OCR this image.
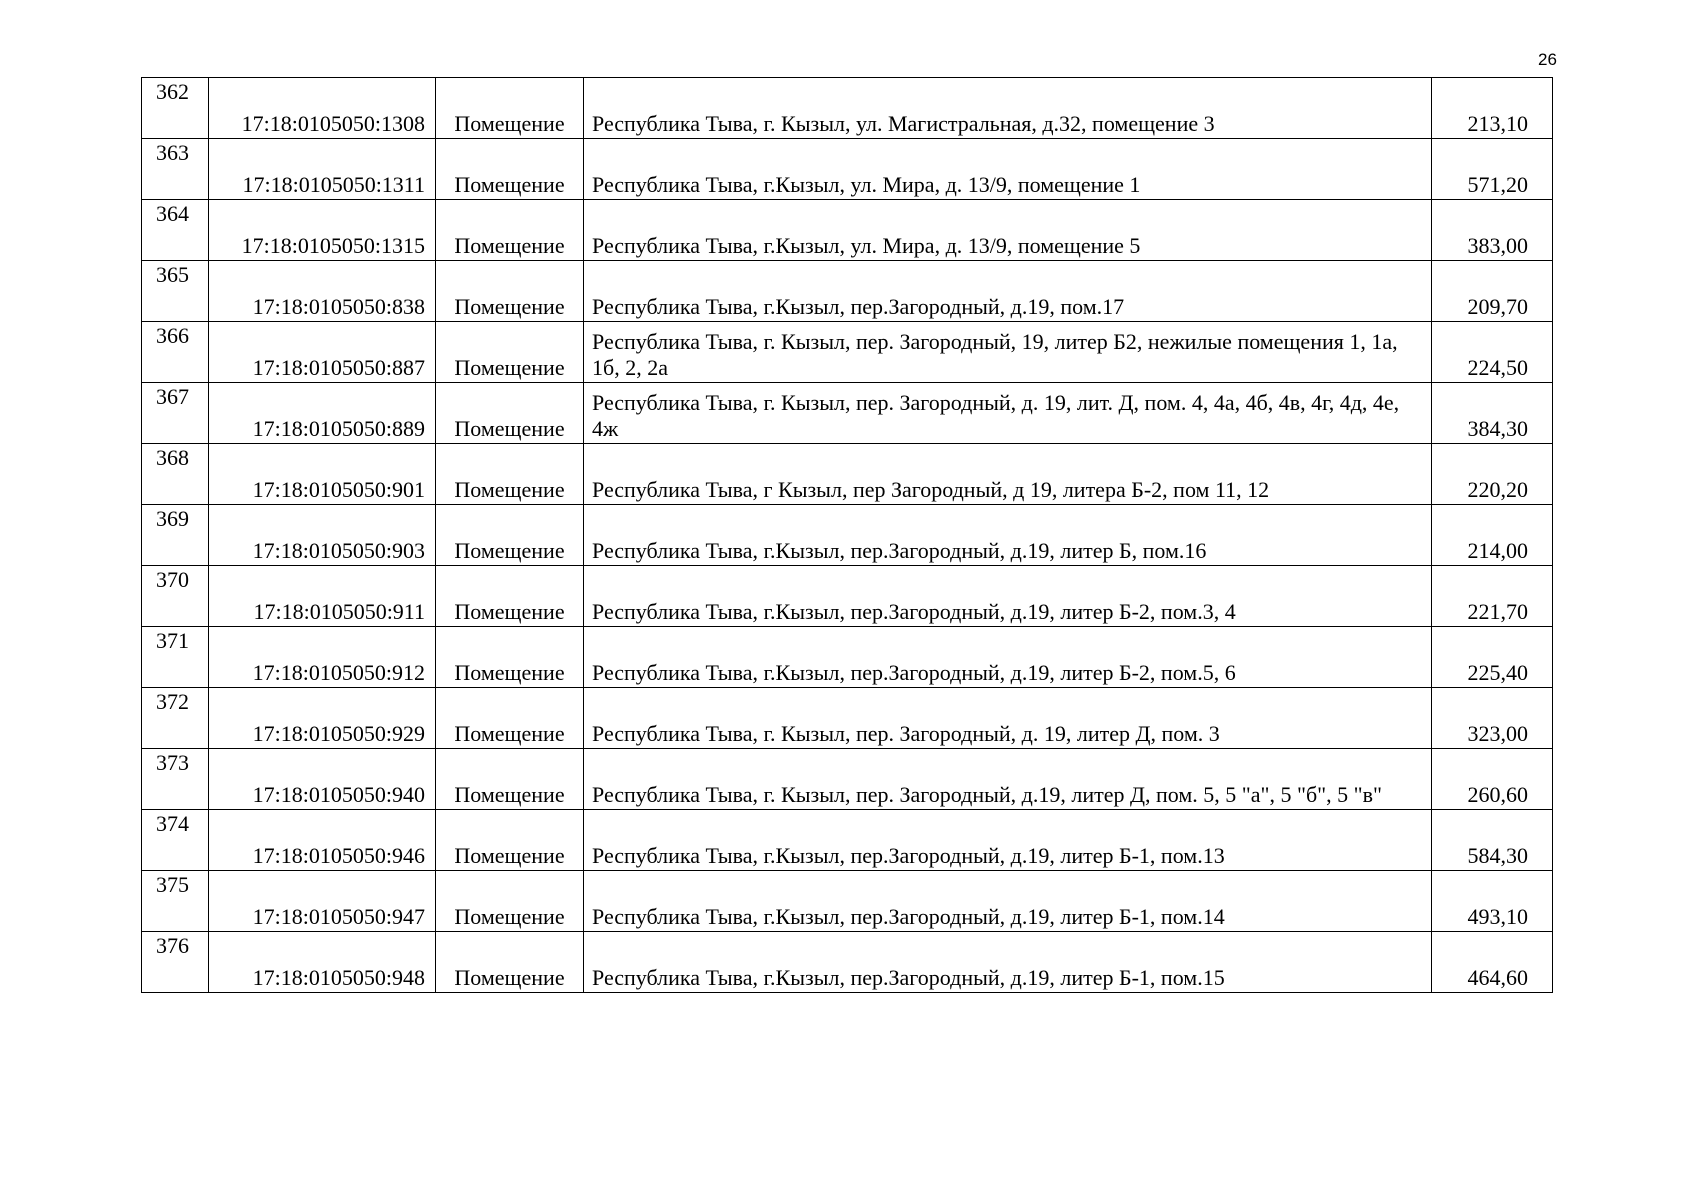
26
362	17:18:0105050:1308	Помещение	Республика Тыва, г. Кызыл, ул. Магистральная, д.32, помещение 3	213,10
363	17:18:0105050:1311	Помещение	Республика Тыва, г.Кызыл, ул. Мира, д. 13/9, помещение 1	571,20
364	17:18:0105050:1315	Помещение	Республика Тыва, г.Кызыл, ул. Мира, д. 13/9, помещение 5	383,00
365	17:18:0105050:838	Помещение	Республика Тыва, г.Кызыл, пер.Загородный, д.19, пом.17	209,70
366	17:18:0105050:887	Помещение	Республика Тыва, г. Кызыл, пер. Загородный, 19, литер Б2, нежилые помещения 1, 1а, 1б, 2, 2а	224,50
367	17:18:0105050:889	Помещение	Республика Тыва, г. Кызыл, пер. Загородный, д. 19, лит. Д, пом. 4, 4а, 4б, 4в, 4г, 4д, 4е, 4ж	384,30
368	17:18:0105050:901	Помещение	Республика Тыва, г Кызыл, пер Загородный, д 19, литера Б-2, пом 11, 12	220,20
369	17:18:0105050:903	Помещение	Республика Тыва, г.Кызыл, пер.Загородный, д.19, литер Б, пом.16	214,00
370	17:18:0105050:911	Помещение	Республика Тыва, г.Кызыл, пер.Загородный, д.19, литер Б-2, пом.3, 4	221,70
371	17:18:0105050:912	Помещение	Республика Тыва, г.Кызыл, пер.Загородный, д.19, литер Б-2, пом.5, 6	225,40
372	17:18:0105050:929	Помещение	Республика Тыва, г. Кызыл, пер. Загородный, д. 19, литер Д, пом. 3	323,00
373	17:18:0105050:940	Помещение	Республика Тыва, г. Кызыл, пер. Загородный, д.19, литер Д, пом. 5, 5 "а", 5 "б", 5 "в"	260,60
374	17:18:0105050:946	Помещение	Республика Тыва, г.Кызыл, пер.Загородный, д.19, литер Б-1, пом.13	584,30
375	17:18:0105050:947	Помещение	Республика Тыва, г.Кызыл, пер.Загородный, д.19, литер Б-1, пом.14	493,10
376	17:18:0105050:948	Помещение	Республика Тыва, г.Кызыл, пер.Загородный, д.19, литер Б-1, пом.15	464,60
